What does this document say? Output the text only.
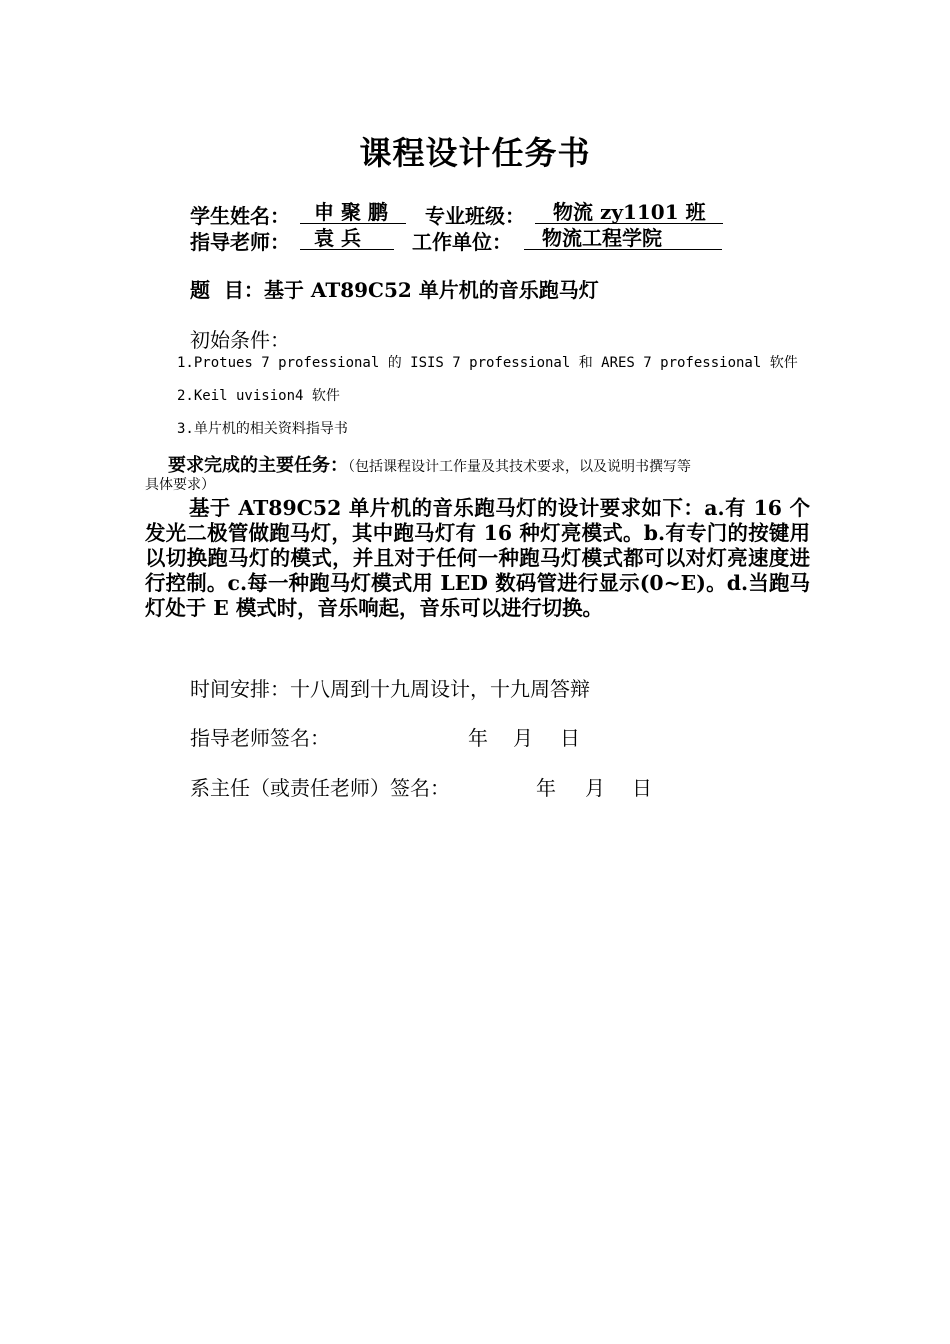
课程设计任务书
学生姓名：	申 聚 鹏	专业班级：	物流 zy1101 班
指导老师：	袁 兵	工作单位：	物流工程学院
题  目：基于 AT89C52 单片机的音乐跑马灯
初始条件：
1.Protues 7 professional 的 ISIS 7 professional 和 ARES 7 professional 软件
2.Keil uvision4 软件
3.单片机的相关资料指导书
要求完成的主要任务：（包括课程设计工作量及其技术要求，以及说明书撰写等
具体要求）
基于 AT89C52 单片机的音乐跑马灯的设计要求如下：a.有 16 个发光二极管做跑马灯，其中跑马灯有 16 种灯亮模式。b.有专门的按键用以切换跑马灯的模式，并且对于任何一种跑马灯模式都可以对灯亮速度进行控制。c.每一种跑马灯模式用 LED 数码管进行显示(0~E)。d.当跑马灯处于 E 模式时，音乐响起，音乐可以进行切换。
时间安排：十八周到十九周设计，十九周答辩
指导老师签名：	年 月 日
系主任（或责任老师）签名：	年 月 日
